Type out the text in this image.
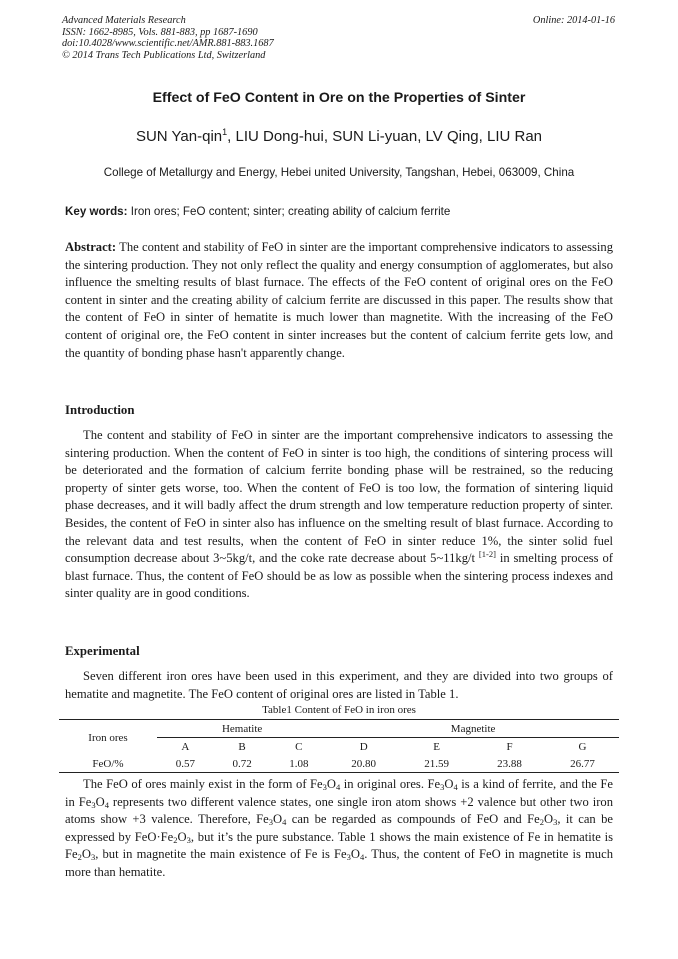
Advanced Materials Research
ISSN: 1662-8985, Vols. 881-883, pp 1687-1690
doi:10.4028/www.scientific.net/AMR.881-883.1687
© 2014 Trans Tech Publications Ltd, Switzerland
Online: 2014-01-16
Effect of FeO Content in Ore on the Properties of Sinter
SUN Yan-qin$^1$, LIU Dong-hui, SUN Li-yuan, LV Qing, LIU Ran
College of Metallurgy and Energy, Hebei united University, Tangshan, Hebei, 063009, China
Key words: Iron ores; FeO content; sinter; creating ability of calcium ferrite

Abstract: The content and stability of FeO in sinter are the important comprehensive indicators to assessing the sintering production. They not only reflect the quality and energy consumption of agglomerates, but also influence the smelting results of blast furnace. The effects of the FeO content of original ores on the FeO content in sinter and the creating ability of calcium ferrite are discussed in this paper. The results show that the content of FeO in sinter of hematite is much lower than magnetite. With the increasing of the FeO content of original ore, the FeO content in sinter increases but the content of calcium ferrite gets low, and the quantity of bonding phase hasn't apparently change.

Introduction

The content and stability of FeO in sinter are the important comprehensive indicators to assessing the sintering production. When the content of FeO in sinter is too high, the conditions of sintering process will be deteriorated and the formation of calcium ferrite bonding phase will be restrained, so the reducing property of sinter gets worse, too. When the content of FeO is too low, the formation of sintering liquid phase decreases, and it will badly affect the drum strength and low temperature reduction property of sinter. Besides, the content of FeO in sinter also has influence on the smelting result of blast furnace. According to the relevant data and test results, when the content of FeO in sinter reduce 1%, the sinter solid fuel consumption decrease about 3~5kg/t, and the coke rate decrease about 5~11kg/t [1-2] in smelting process of blast furnace. Thus, the content of FeO should be as low as possible when the sintering process indexes and sinter quality are in good conditions.

Experimental

Seven different iron ores have been used in this experiment, and they are divided into two groups of hematite and magnetite. The FeO content of original ores are listed in Table 1.

Table1 Content of FeO in iron ores
Iron ores	Hematite			Magnetite			
	A	B	C	D	E	F	G
FeO/%	0.57	0.72	1.08	20.80	21.59	23.88	26.77

The FeO of ores mainly exist in the form of $Fe_3O_4$ in original ores. $Fe_3O_4$ is a kind of ferrite, and the Fe in $Fe_3O_4$ represents two different valence states, one single iron atom shows +2 valence but other two iron atoms show +3 valence. Therefore, $Fe_3O_4$ can be regarded as compounds of FeO and $Fe_2O_3$, it can be expressed by $FeO\cdot Fe_2O_3$, but it’s the pure substance. Table 1 shows the main existence of Fe in hematite is $Fe_2O_3$, but in magnetite the main existence of Fe is $Fe_3O_4$. Thus, the content of FeO in magnetite is much more than hematite.
